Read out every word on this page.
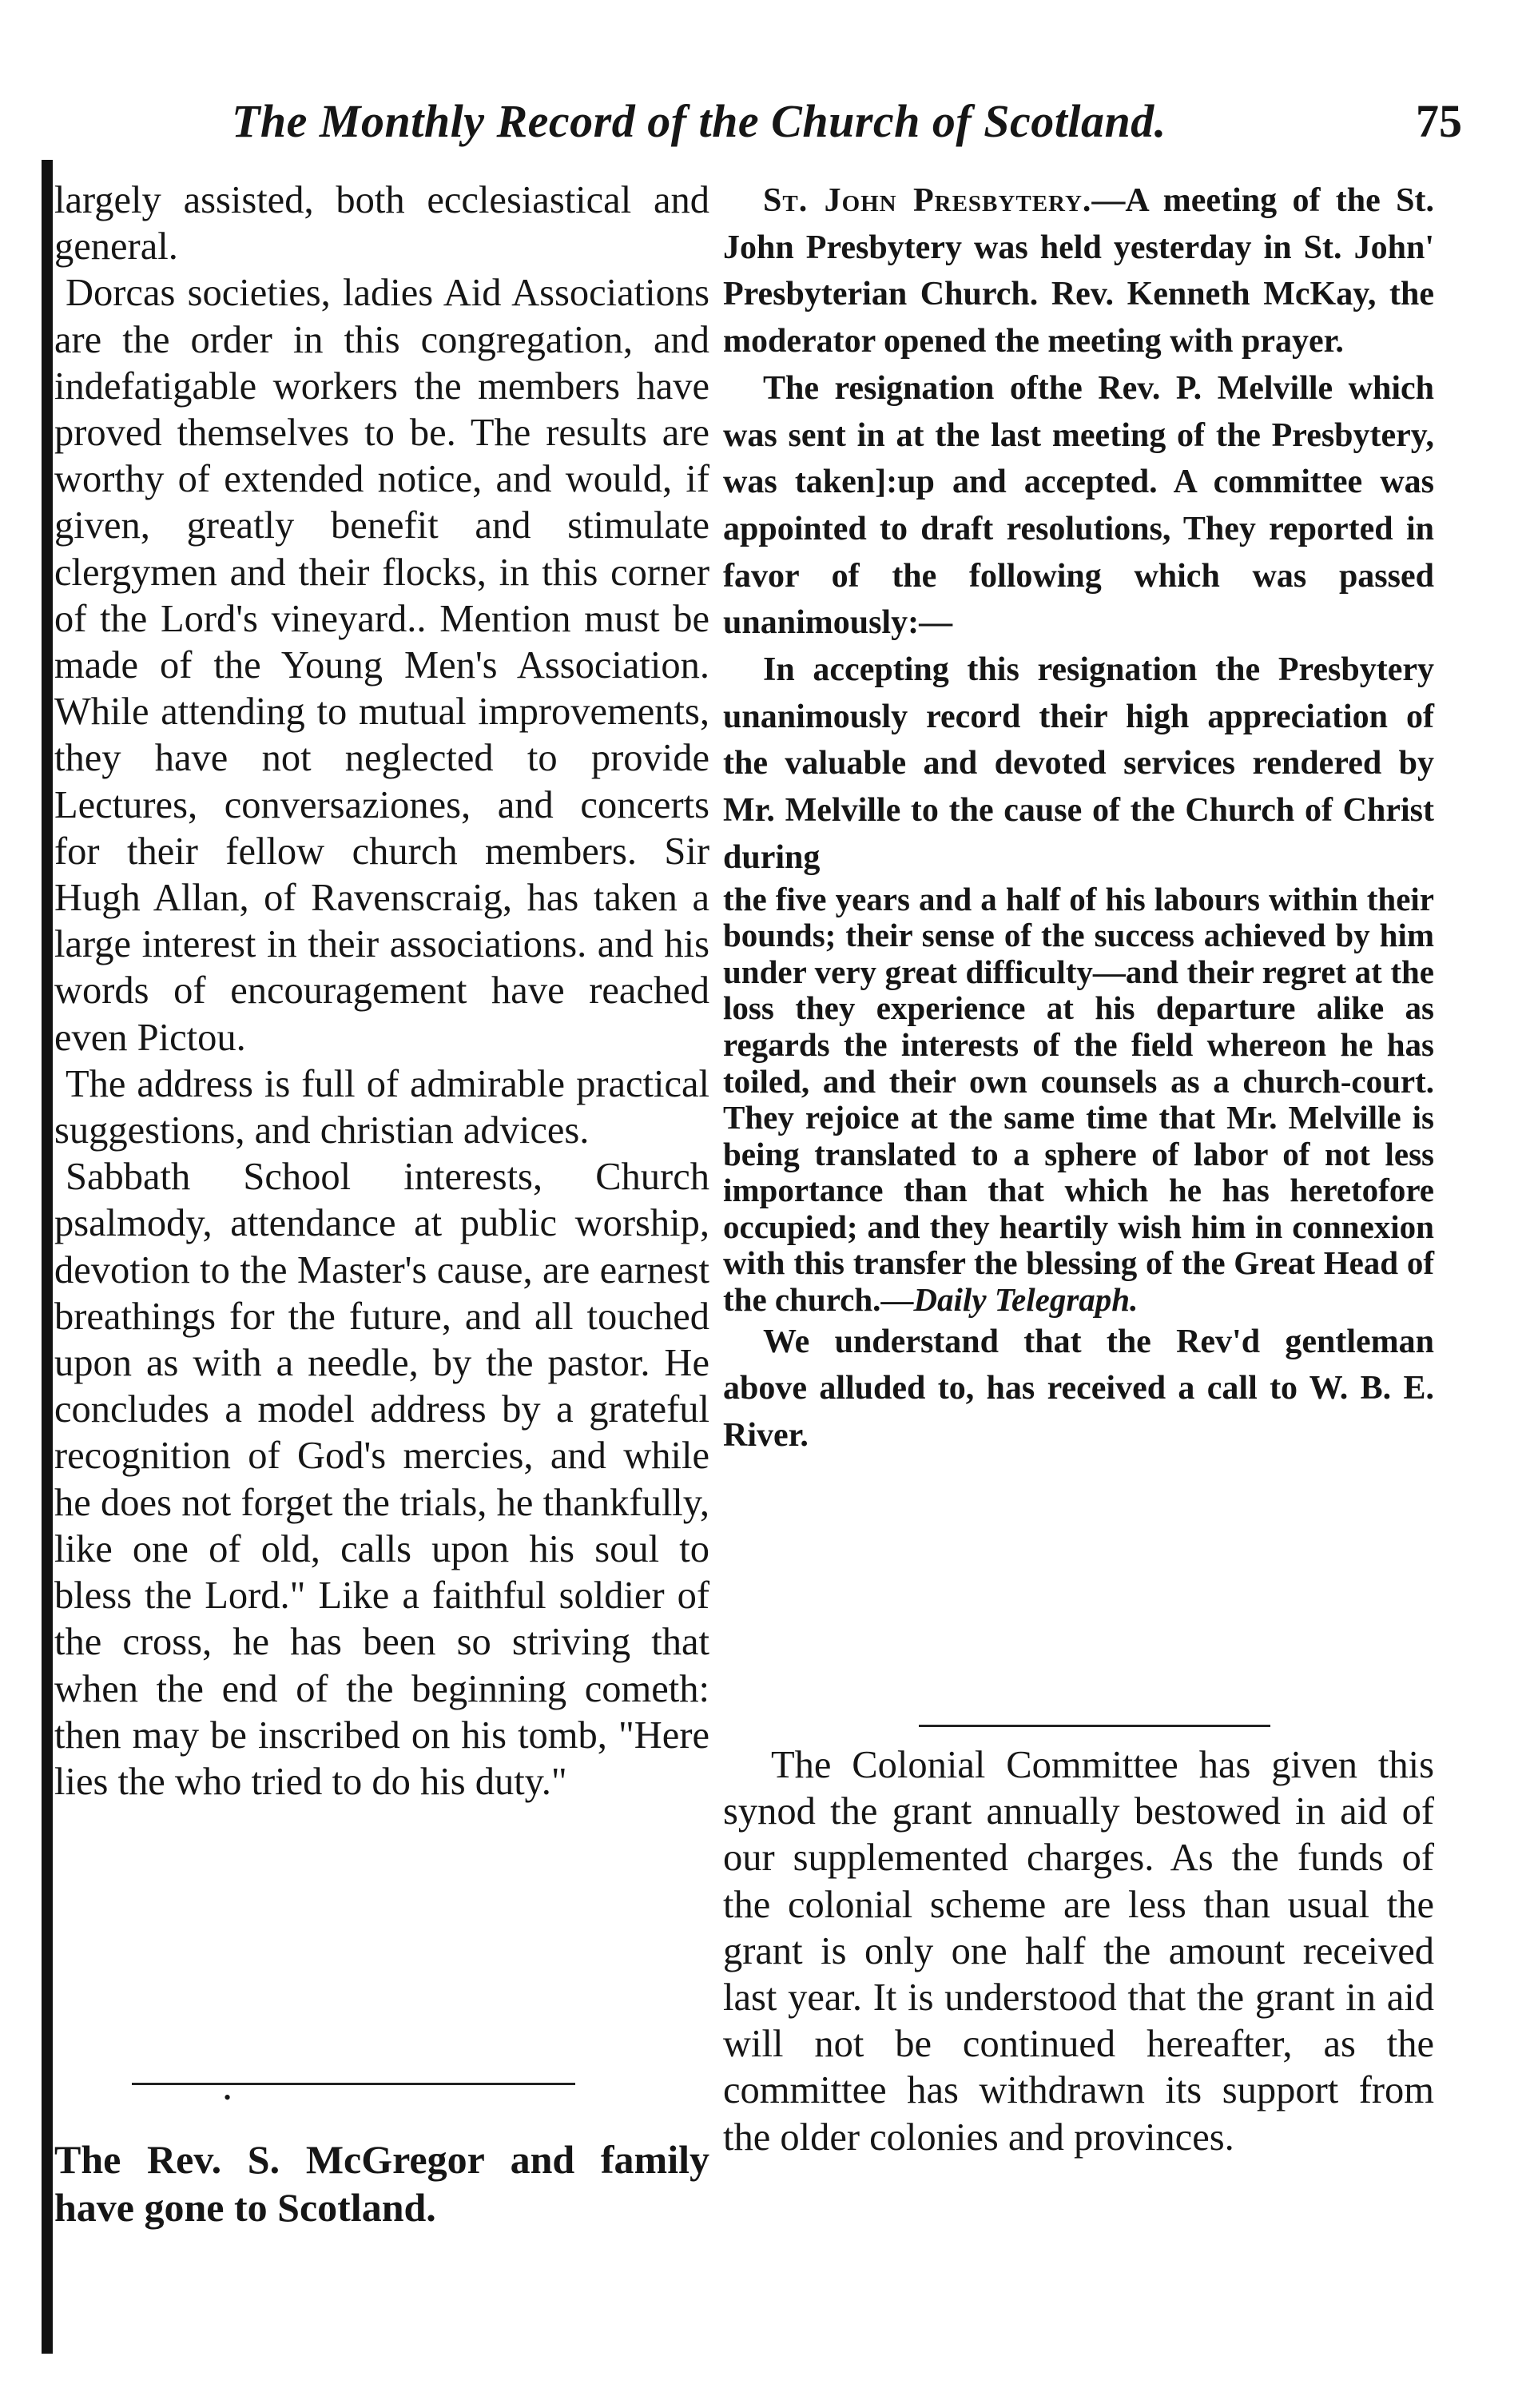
The Monthly Record of the Church of Scotland.	75

largely assisted, both ecclesiastical and general.

Dorcas societies, ladies Aid Associations are the order in this congregation, and indefatigable workers the members have proved themselves to be. The results are worthy of extended notice, and would, if given, greatly benefit and stimulate clergymen and their flocks, in this corner of the Lord's vineyard.. Mention must be made of the Young Men's Association. While attending to mutual improvements, they have not neglected to provide Lectures, conversaziones, and concerts for their fellow church members. Sir Hugh Allan, of Ravenscraig, has taken a large interest in their associations. and his words of encouragement have reached even Pictou.

The address is full of admirable practical suggestions, and christian advices.

Sabbath School interests, Church psalmody, attendance at public worship, devotion to the Master's cause, are earnest breathings for the future, and all touched upon as with a needle, by the pastor. He concludes a model address by a grateful recognition of God's mercies, and while he does not forget the trials, he thankfully, like one of old, calls upon his soul to bless the Lord." Like a faithful soldier of the cross, he has been so striving that when the end of the beginning cometh: then may be inscribed on his tomb, "Here lies the who tried to do his duty."

•

The Rev. S. McGregor and family have gone to Scotland.

St. John Presbytery.—A meeting of the St. John Presbytery was held yesterday in St. John' Presbyterian Church. Rev. Kenneth McKay, the moderator opened the meeting with prayer.

The resignation ofthe Rev. P. Melville which was sent in at the last meeting of the Presbytery, was taken]:up and accepted. A committee was appointed to draft resolutions, They reported in favor of the following which was passed unanimously:—

In accepting this resignation the Presbytery unanimously record their high appreciation of the valuable and devoted services rendered by Mr. Melville to the cause of the Church of Christ during

the five years and a half of his labours within their bounds; their sense of the success achieved by him under very great difficulty—and their regret at the loss they experience at his departure alike as regards the interests of the field whereon he has toiled, and their own counsels as a church-court. They rejoice at the same time that Mr. Melville is being translated to a sphere of labor of not less importance than that which he has heretofore occupied; and they heartily wish him in connexion with this transfer the blessing of the Great Head of the church.—Daily Telegraph.

We understand that the Rev'd gentleman above alluded to, has received a call to W. B. E. River.

The Colonial Committee has given this synod the grant annually bestowed in aid of our supplemented charges. As the funds of the colonial scheme are less than usual the grant is only one half the amount received last year. It is understood that the grant in aid will not be continued hereafter, as the committee has withdrawn its support from the older colonies and provinces.
